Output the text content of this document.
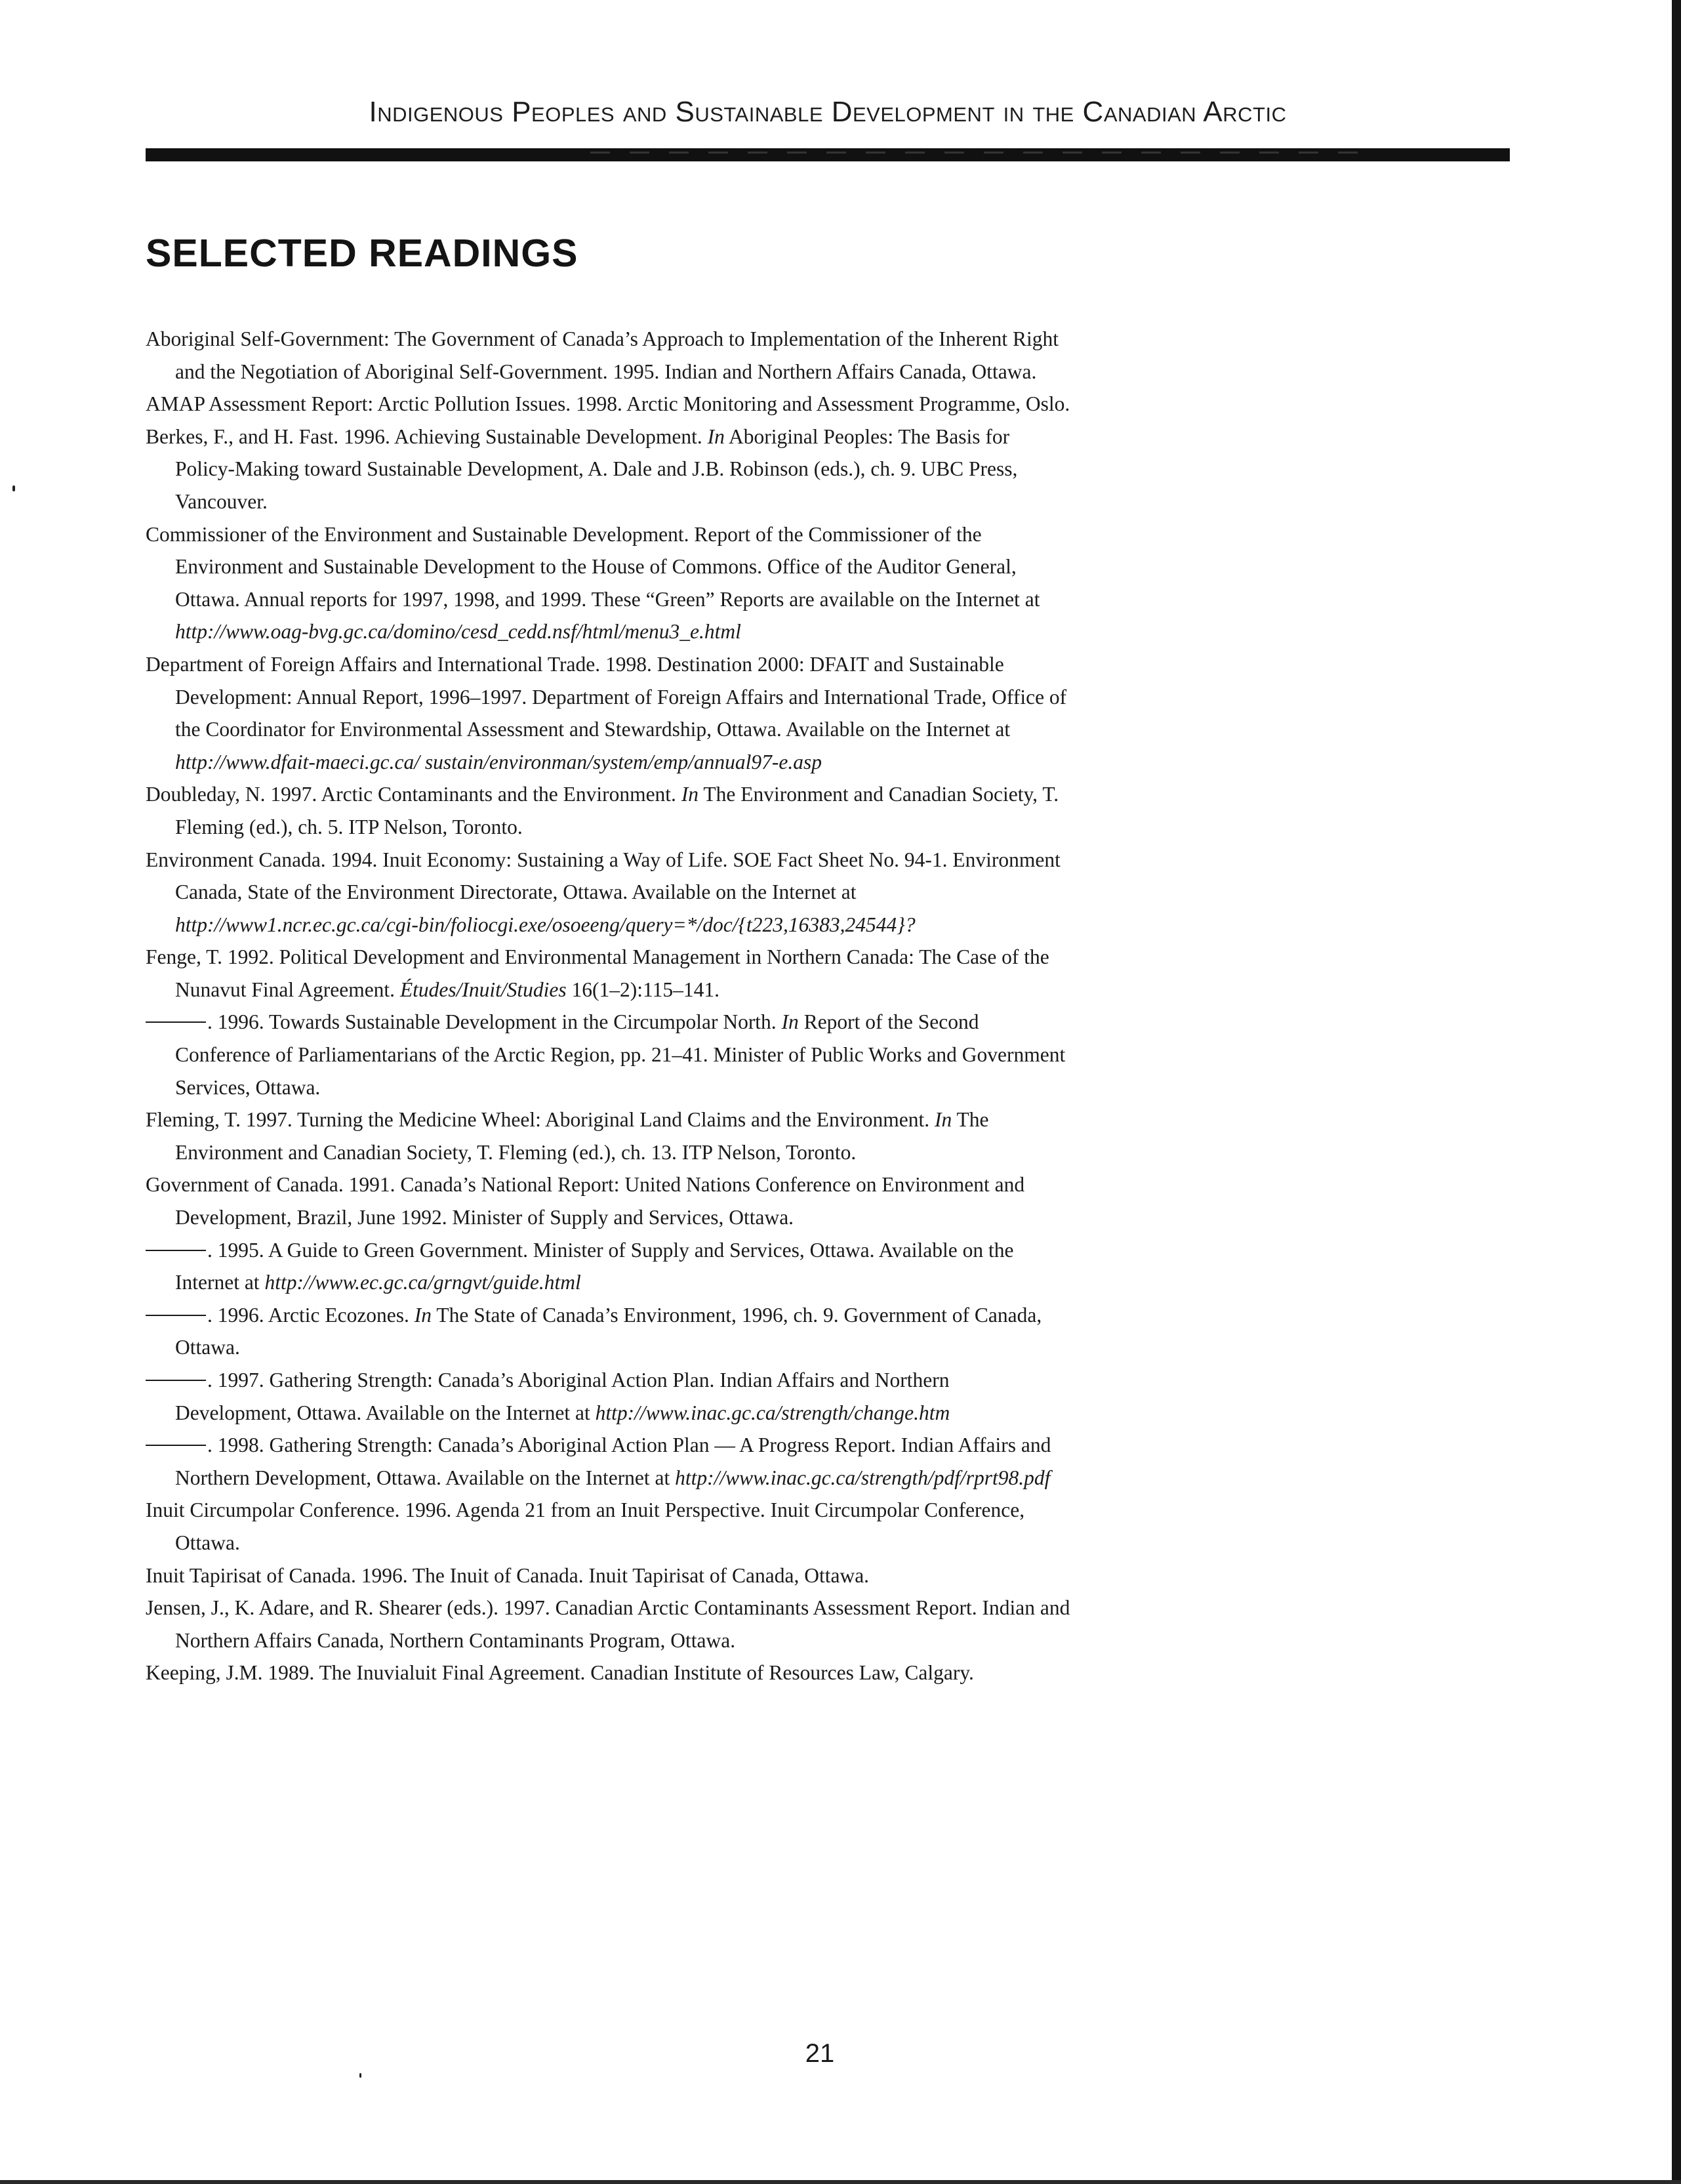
Indigenous Peoples and Sustainable Development in the Canadian Arctic
SELECTED READINGS
Aboriginal Self-Government: The Government of Canada’s Approach to Implementation of the Inherent Right and the Negotiation of Aboriginal Self-Government. 1995. Indian and Northern Affairs Canada, Ottawa.
AMAP Assessment Report: Arctic Pollution Issues. 1998. Arctic Monitoring and Assessment Programme, Oslo.
Berkes, F., and H. Fast. 1996. Achieving Sustainable Development. In Aboriginal Peoples: The Basis for Policy-Making toward Sustainable Development, A. Dale and J.B. Robinson (eds.), ch. 9. UBC Press, Vancouver.
Commissioner of the Environment and Sustainable Development. Report of the Commissioner of the Environment and Sustainable Development to the House of Commons. Office of the Auditor General, Ottawa. Annual reports for 1997, 1998, and 1999. These “Green” Reports are available on the Internet at http://www.oag-bvg.gc.ca/domino/cesd_cedd.nsf/html/menu3_e.html
Department of Foreign Affairs and International Trade. 1998. Destination 2000: DFAIT and Sustainable Development: Annual Report, 1996–1997. Department of Foreign Affairs and International Trade, Office of the Coordinator for Environmental Assessment and Stewardship, Ottawa. Available on the Internet at http://www.dfait-maeci.gc.ca/ sustain/environman/system/emp/annual97-e.asp
Doubleday, N. 1997. Arctic Contaminants and the Environment. In The Environment and Canadian Society, T. Fleming (ed.), ch. 5. ITP Nelson, Toronto.
Environment Canada. 1994. Inuit Economy: Sustaining a Way of Life. SOE Fact Sheet No. 94-1. Environment Canada, State of the Environment Directorate, Ottawa. Available on the Internet at http://www1.ncr.ec.gc.ca/cgi-bin/foliocgi.exe/osoeeng/query=*/doc/{t223,16383,24544}?
Fenge, T. 1992. Political Development and Environmental Management in Northern Canada: The Case of the Nunavut Final Agreement. Études/Inuit/Studies 16(1–2):115–141.
. 1996. Towards Sustainable Development in the Circumpolar North. In Report of the Second Conference of Parliamentarians of the Arctic Region, pp. 21–41. Minister of Public Works and Government Services, Ottawa.
Fleming, T. 1997. Turning the Medicine Wheel: Aboriginal Land Claims and the Environment. In The Environment and Canadian Society, T. Fleming (ed.), ch. 13. ITP Nelson, Toronto.
Government of Canada. 1991. Canada’s National Report: United Nations Conference on Environment and Development, Brazil, June 1992. Minister of Supply and Services, Ottawa.
. 1995. A Guide to Green Government. Minister of Supply and Services, Ottawa. Available on the Internet at http://www.ec.gc.ca/grngvt/guide.html
. 1996. Arctic Ecozones. In The State of Canada’s Environment, 1996, ch. 9. Government of Canada, Ottawa.
. 1997. Gathering Strength: Canada’s Aboriginal Action Plan. Indian Affairs and Northern Development, Ottawa. Available on the Internet at http://www.inac.gc.ca/strength/change.htm
. 1998. Gathering Strength: Canada’s Aboriginal Action Plan — A Progress Report. Indian Affairs and Northern Development, Ottawa. Available on the Internet at http://www.inac.gc.ca/strength/pdf/rprt98.pdf
Inuit Circumpolar Conference. 1996. Agenda 21 from an Inuit Perspective. Inuit Circumpolar Conference, Ottawa.
Inuit Tapirisat of Canada. 1996. The Inuit of Canada. Inuit Tapirisat of Canada, Ottawa.
Jensen, J., K. Adare, and R. Shearer (eds.). 1997. Canadian Arctic Contaminants Assessment Report. Indian and Northern Affairs Canada, Northern Contaminants Program, Ottawa.
Keeping, J.M. 1989. The Inuvialuit Final Agreement. Canadian Institute of Resources Law, Calgary.
21
